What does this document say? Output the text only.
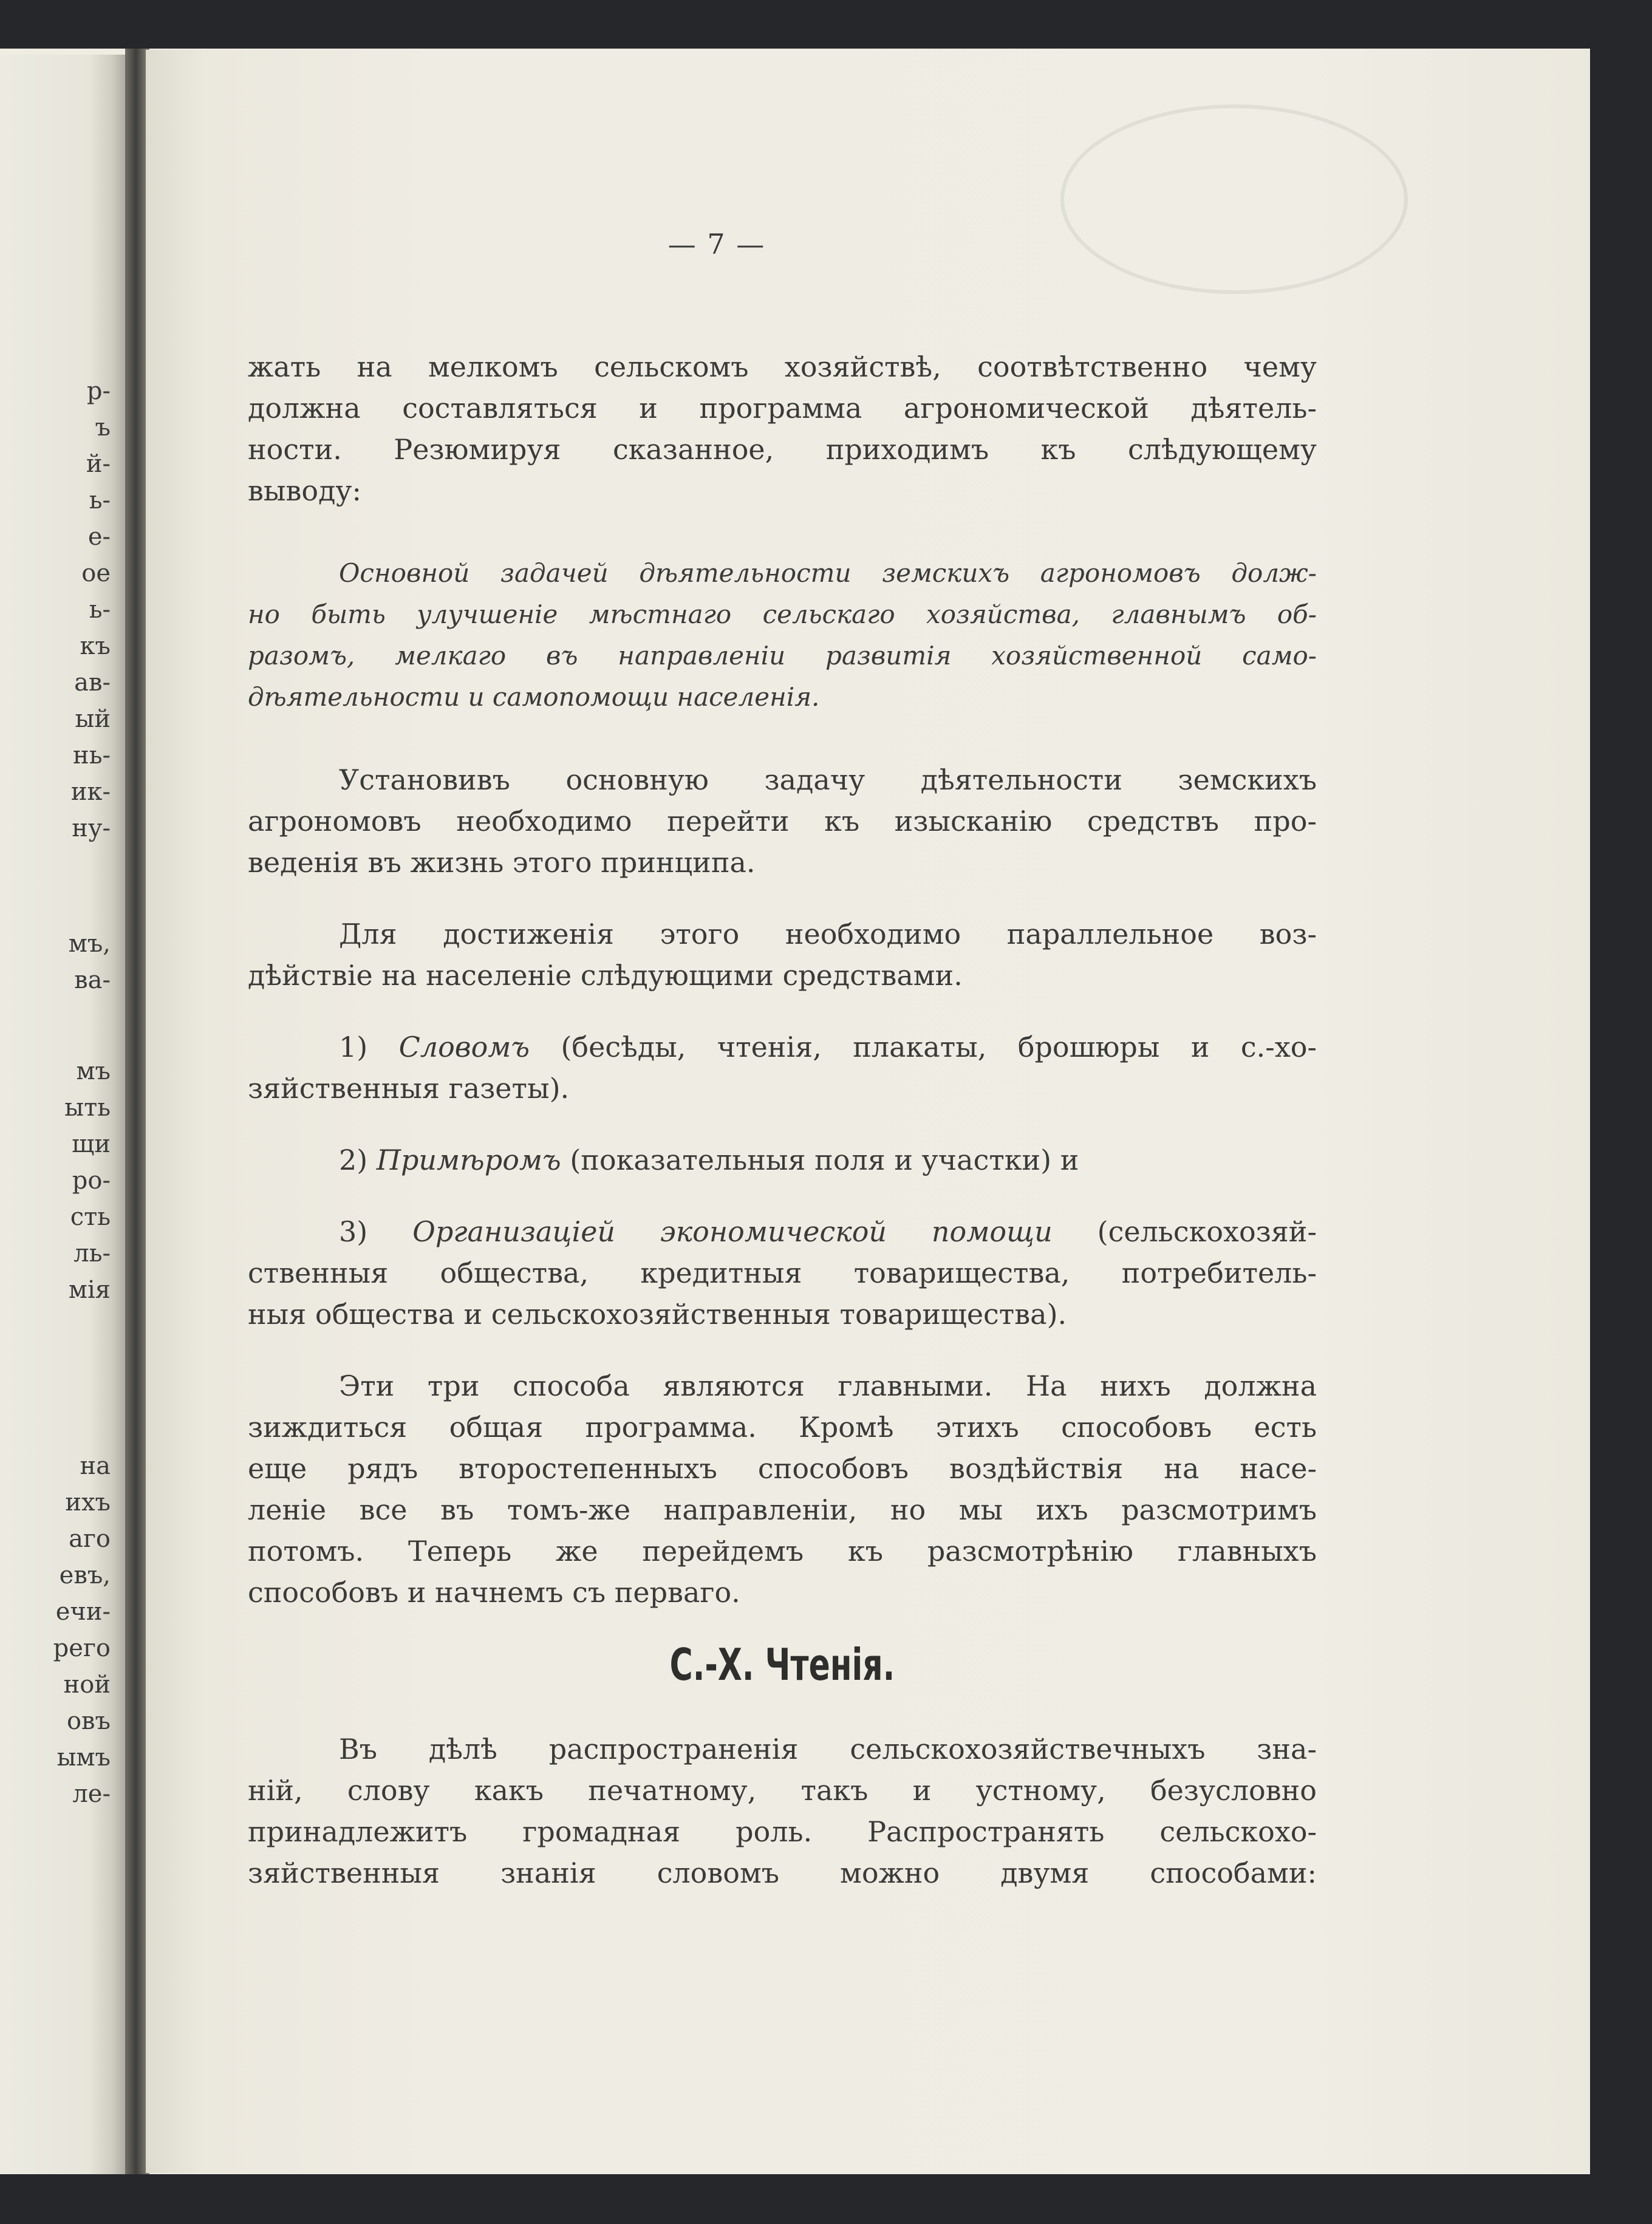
р-
ъ
й-
ь-
е-
ое
ь-
къ
ав-
ый
нь-
ик-
ну-
мъ,
ва-
мъ
ыть
щи
ро-
сть
ль-
мія
на
ихъ
аго
евъ,
ечи-
рего
ной
овъ
ымъ
ле-
— 7 —
жать на мелкомъ сельскомъ хозяйствѣ, соотвѣтственно чему
должна составляться и программа агрономической дѣятель-
ности. Резюмируя сказанное, приходимъ къ слѣдующему
выводу:
Основной задачей дѣятельности земскихъ агрономовъ долж-
но быть улучшеніе мѣстнаго сельскаго хозяйства, главнымъ об-
разомъ, мелкаго въ направленіи развитія хозяйственной само-
дѣятельности и самопомощи населенія.
Установивъ основную задачу дѣятельности земскихъ
агрономовъ необходимо перейти къ изысканію средствъ про-
веденія въ жизнь этого принципа.
Для достиженія этого необходимо параллельное воз-
дѣйствіе на населеніе слѣдующими средствами.
1) Словомъ (бесѣды, чтенія, плакаты, брошюры и с.-хо-
зяйственныя газеты).
2) Примѣромъ (показательныя поля и участки) и
3) Организаціей экономической помощи (сельскохозяй-
ственныя общества, кредитныя товарищества, потребитель-
ныя общества и сельскохозяйственныя товарищества).
Эти три способа являются главными. На нихъ должна
зиждиться общая программа. Кромѣ этихъ способовъ есть
еще рядъ второстепенныхъ способовъ воздѣйствія на насе-
леніе все въ томъ-же направленіи, но мы ихъ разсмотримъ
потомъ. Теперь же перейдемъ къ разсмотрѣнію главныхъ
способовъ и начнемъ съ перваго.
С.-Х. Чтенія.
Въ дѣлѣ распространенія сельскохозяйствечныхъ зна-
ній, слову какъ печатному, такъ и устному, безусловно
принадлежитъ громадная роль. Распространять сельскохо-
зяйственныя знанія словомъ можно двумя способами:
